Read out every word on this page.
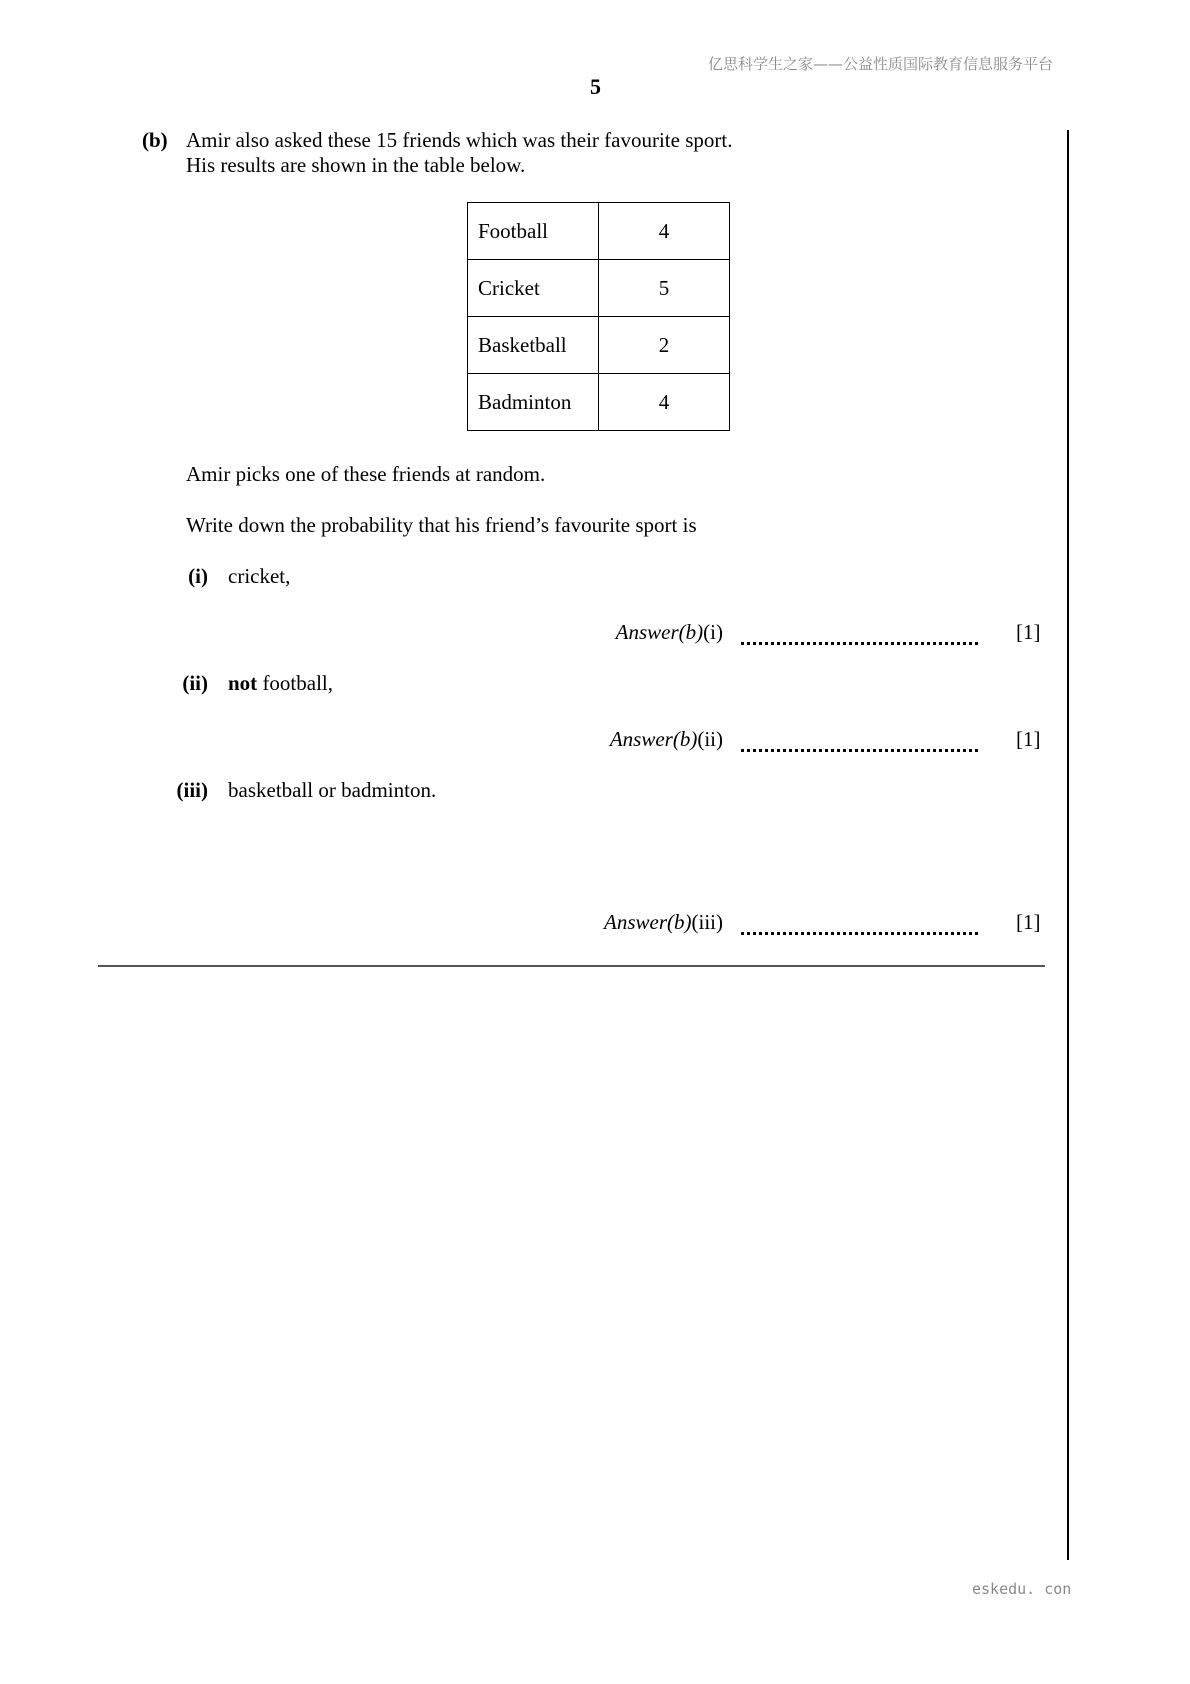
亿思科学生之家——公益性质国际教育信息服务平台
5
(b) Amir also asked these 15 friends which was their favourite sport.
His results are shown in the table below.
Football	4
Cricket	5
Basketball	2
Badminton	4
Amir picks one of these friends at random.
Write down the probability that his friend’s favourite sport is
(i) cricket,
Answer(b)(i)	[1]
(ii) not football,
Answer(b)(ii)	[1]
(iii) basketball or badminton.
Answer(b)(iii)	[1]
eskedu. con
